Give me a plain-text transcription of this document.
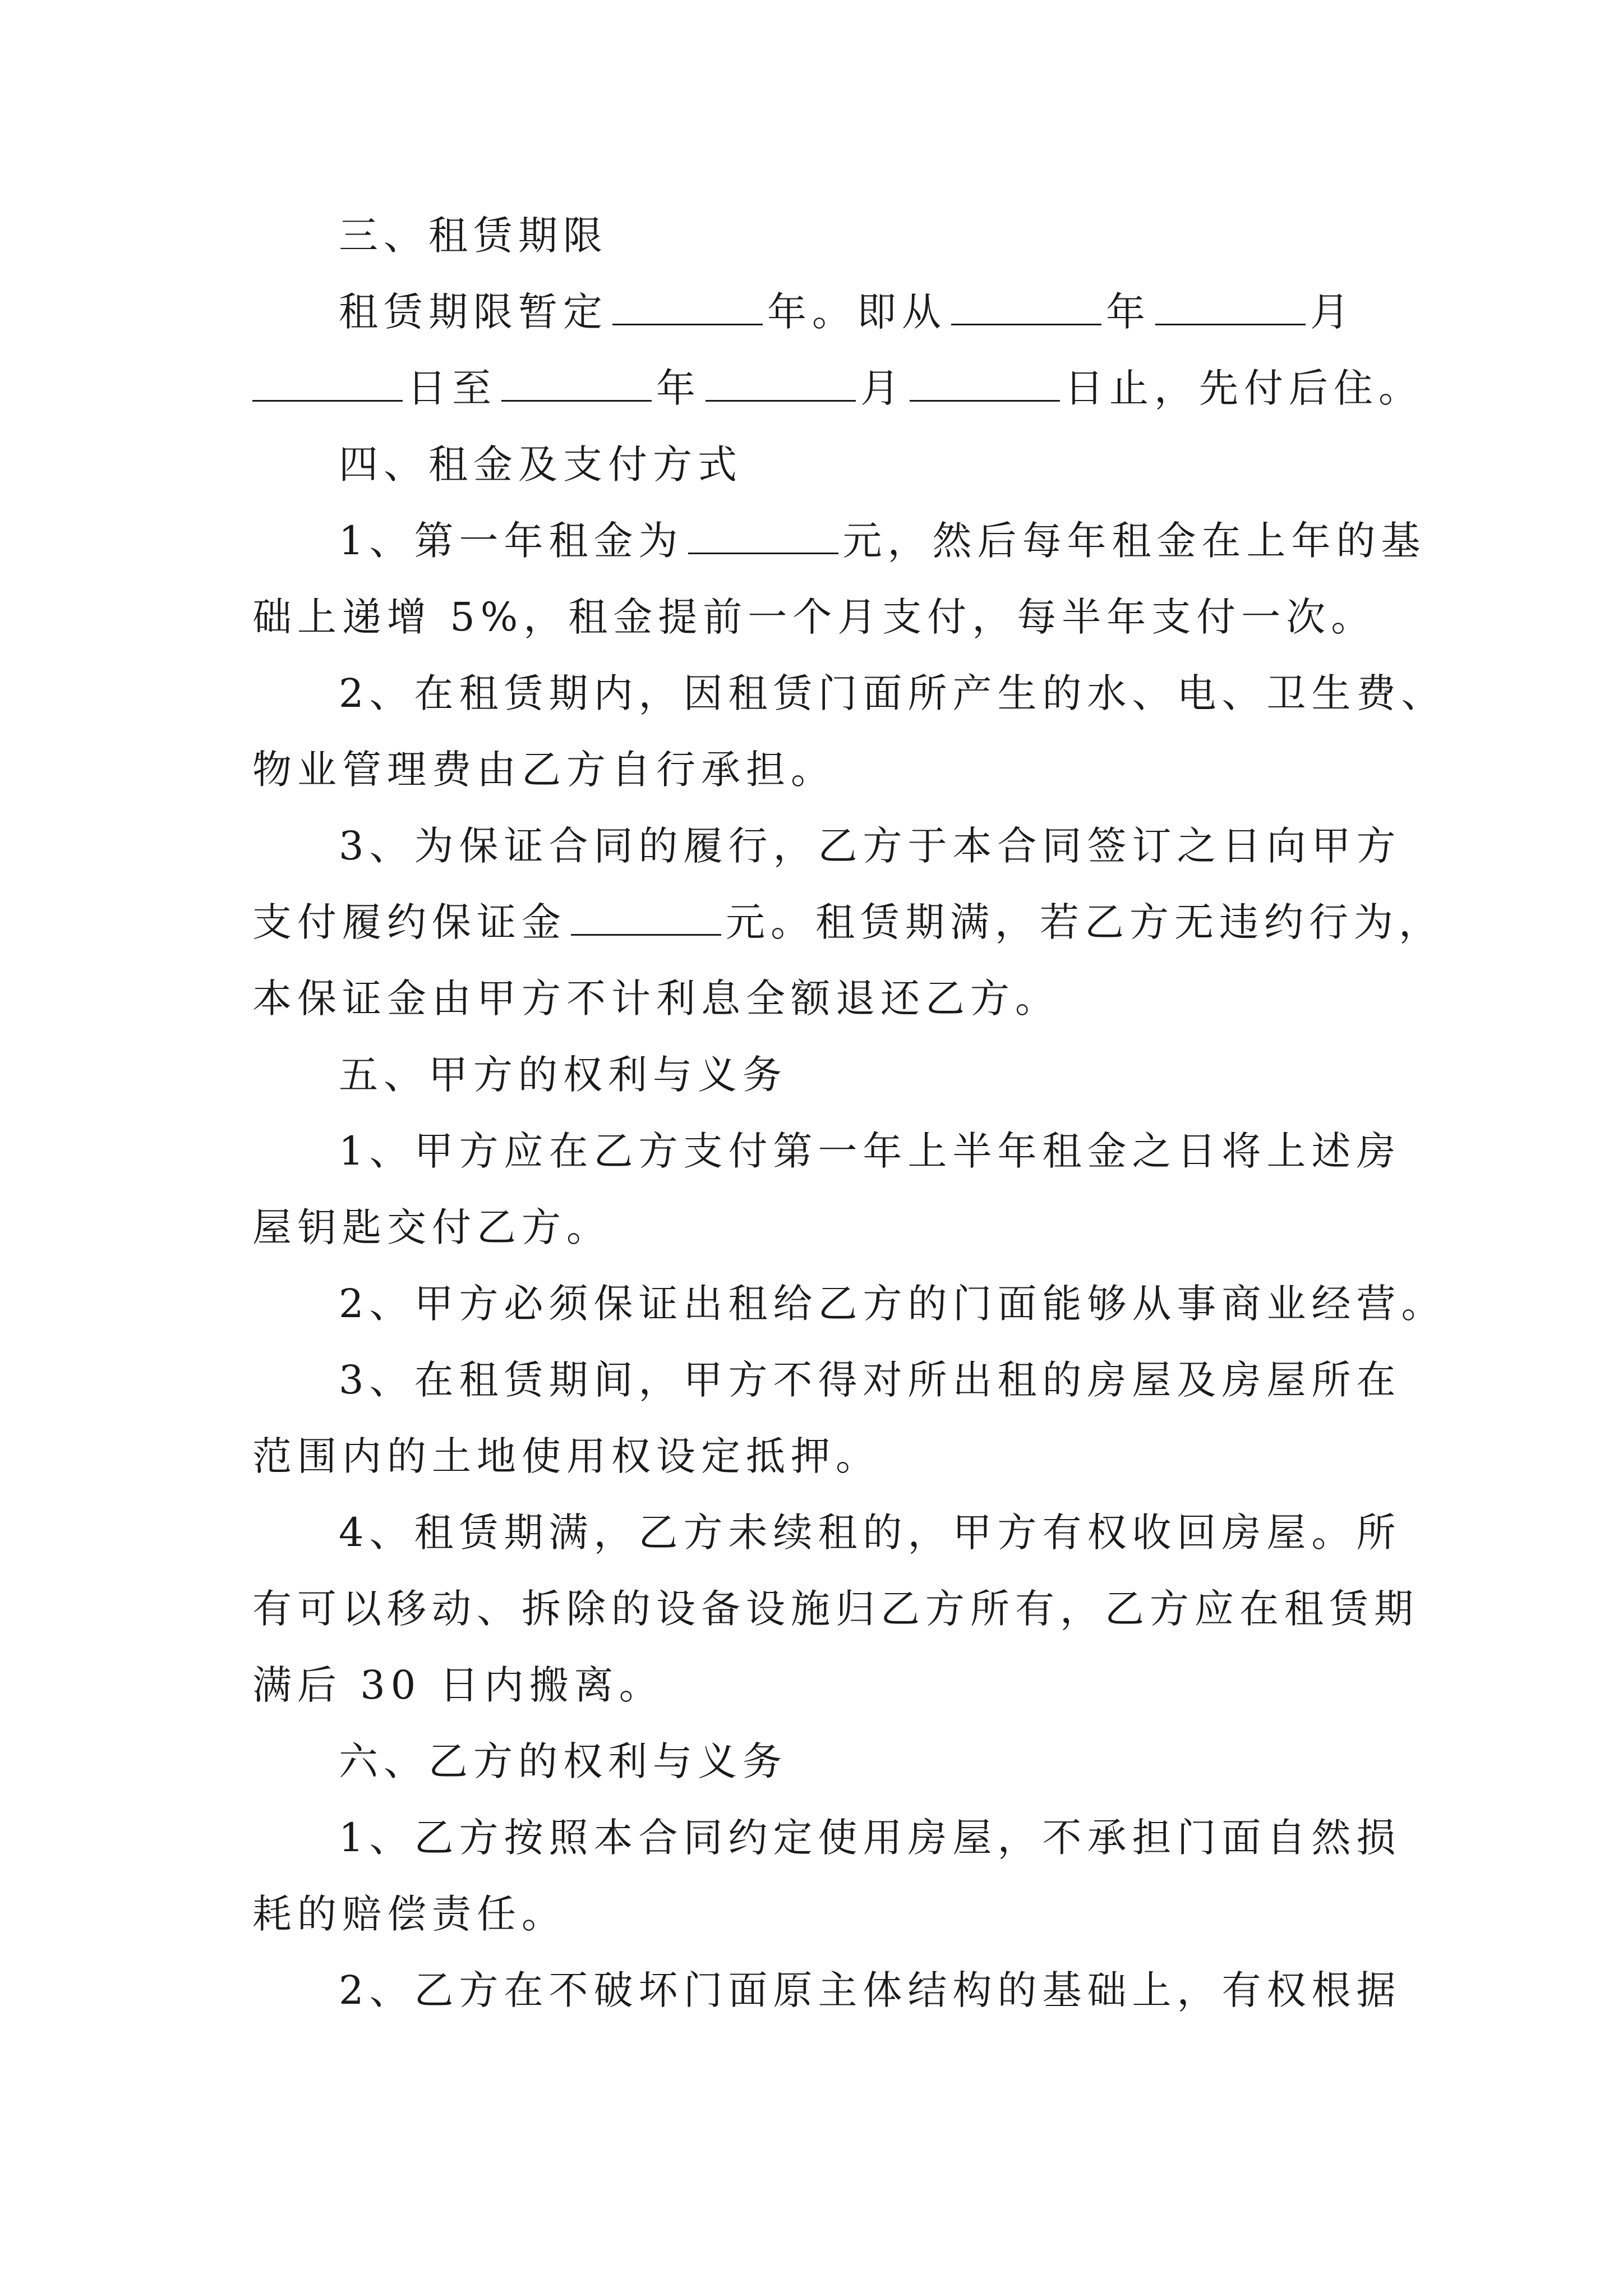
三、租赁期限
租赁期限暂定	年。即从	年	月
日至	年	月	日止，先付后住。
四、租金及支付方式
1、第一年租金为	元，然后每年租金在上年的基
础上递增 5%，租金提前一个月支付，每半年支付一次。
2、在租赁期内，因租赁门面所产生的水、电、卫生费、
物业管理费由乙方自行承担。
3、为保证合同的履行，乙方于本合同签订之日向甲方
支付履约保证金	元。租赁期满，若乙方无违约行为，
本保证金由甲方不计利息全额退还乙方。
五、甲方的权利与义务
1、甲方应在乙方支付第一年上半年租金之日将上述房
屋钥匙交付乙方。
2、甲方必须保证出租给乙方的门面能够从事商业经营。
3、在租赁期间，甲方不得对所出租的房屋及房屋所在
范围内的土地使用权设定抵押。
4、租赁期满，乙方未续租的，甲方有权收回房屋。所
有可以移动、拆除的设备设施归乙方所有，乙方应在租赁期
满后 30 日内搬离。
六、乙方的权利与义务
1、乙方按照本合同约定使用房屋，不承担门面自然损
耗的赔偿责任。
2、乙方在不破坏门面原主体结构的基础上，有权根据
